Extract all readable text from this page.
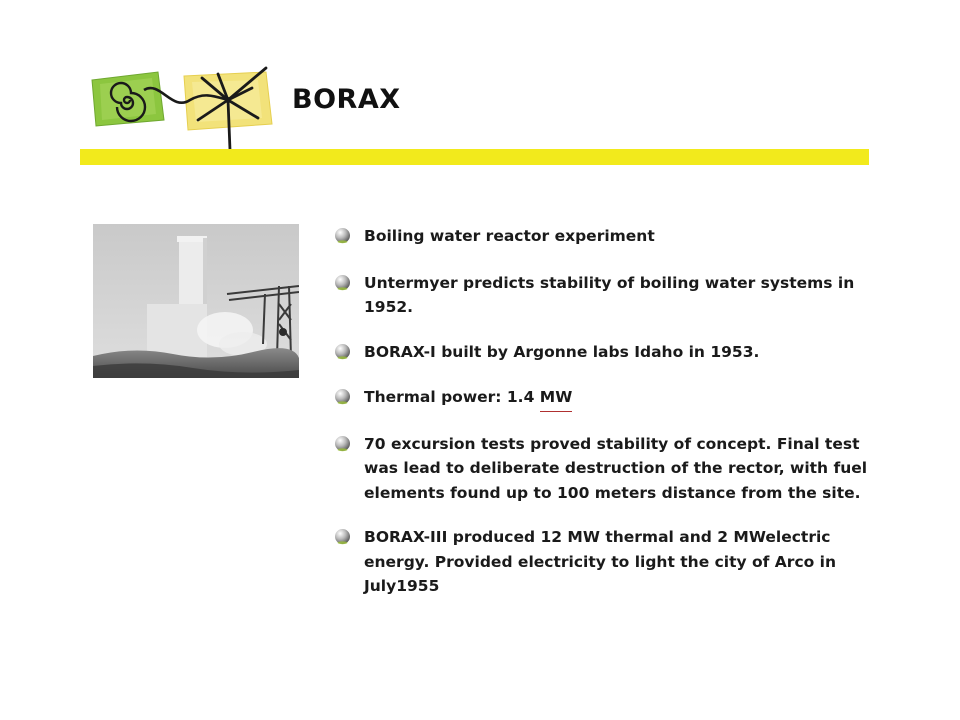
BORAX
Boiling water reactor experiment
Untermyer predicts stability of boiling water systems in 1952.
BORAX-I built by Argonne labs Idaho in 1953.
Thermal power: 1.4 MW
70 excursion tests proved stability of concept. Final test was lead to deliberate destruction of the rector, with fuel elements found up to 100 meters distance from the site.
BORAX-III produced 12 MW thermal and 2 MWelectric energy. Provided electricity to light the city of Arco in July1955
